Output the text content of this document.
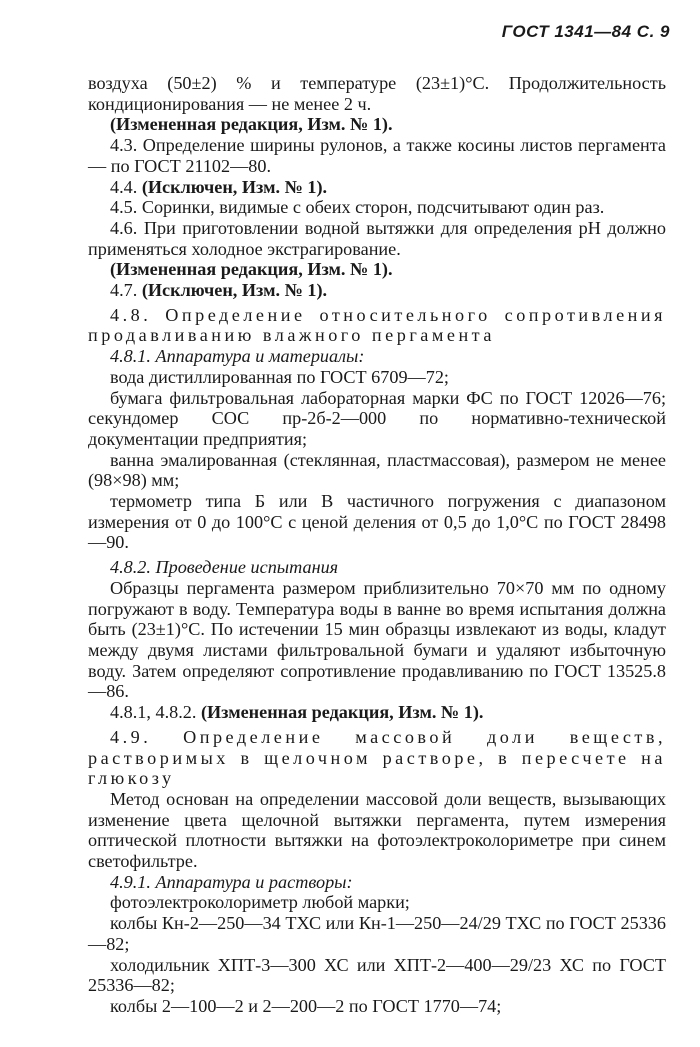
ГОСТ 1341—84 С. 9

воздуха (50±2) % и температуре (23±1)°С. Продолжительность кондиционирования — не менее 2 ч.

(Измененная редакция, Изм. № 1).

4.3. Определение ширины рулонов, а также косины листов пергамента — по ГОСТ 21102—80.

4.4. (Исключен, Изм. № 1).

4.5. Соринки, видимые с обеих сторон, подсчитывают один раз.

4.6. При приготовлении водной вытяжки для определения pH должно применяться холодное экстрагирование.

(Измененная редакция, Изм. № 1).

4.7. (Исключен, Изм. № 1).

4.8. Определение относительного сопротивления продавливанию влажного пергамента

4.8.1. Аппаратура и материалы:

вода дистиллированная по ГОСТ 6709—72;

бумага фильтровальная лабораторная марки ФС по ГОСТ 12026—76; секундомер СОС пр-2б-2—000 по нормативно-технической документации предприятия;

ванна эмалированная (стеклянная, пластмассовая), размером не менее (98×98) мм;

термометр типа Б или В частичного погружения с диапазоном измерения от 0 до 100°С с ценой деления от 0,5 до 1,0°С по ГОСТ 28498—90.

4.8.2. Проведение испытания

Образцы пергамента размером приблизительно 70×70 мм по одному погружают в воду. Температура воды в ванне во время испытания должна быть (23±1)°С. По истечении 15 мин образцы извлекают из воды, кладут между двумя листами фильтровальной бумаги и удаляют избыточную воду. Затем определяют сопротивление продавливанию по ГОСТ 13525.8—86.

4.8.1, 4.8.2. (Измененная редакция, Изм. № 1).

4.9. Определение массовой доли веществ, растворимых в щелочном растворе, в пересчете на глюкозу

Метод основан на определении массовой доли веществ, вызывающих изменение цвета щелочной вытяжки пергамента, путем измерения оптической плотности вытяжки на фотоэлектроколориметре при синем светофильтре.

4.9.1. Аппаратура и растворы:

фотоэлектроколориметр любой марки;

колбы Кн-2—250—34 ТХС или Кн-1—250—24/29 ТХС по ГОСТ 25336—82;

холодильник ХПТ-3—300 ХС или ХПТ-2—400—29/23 ХС по ГОСТ 25336—82;

колбы 2—100—2 и 2—200—2 по ГОСТ 1770—74;
